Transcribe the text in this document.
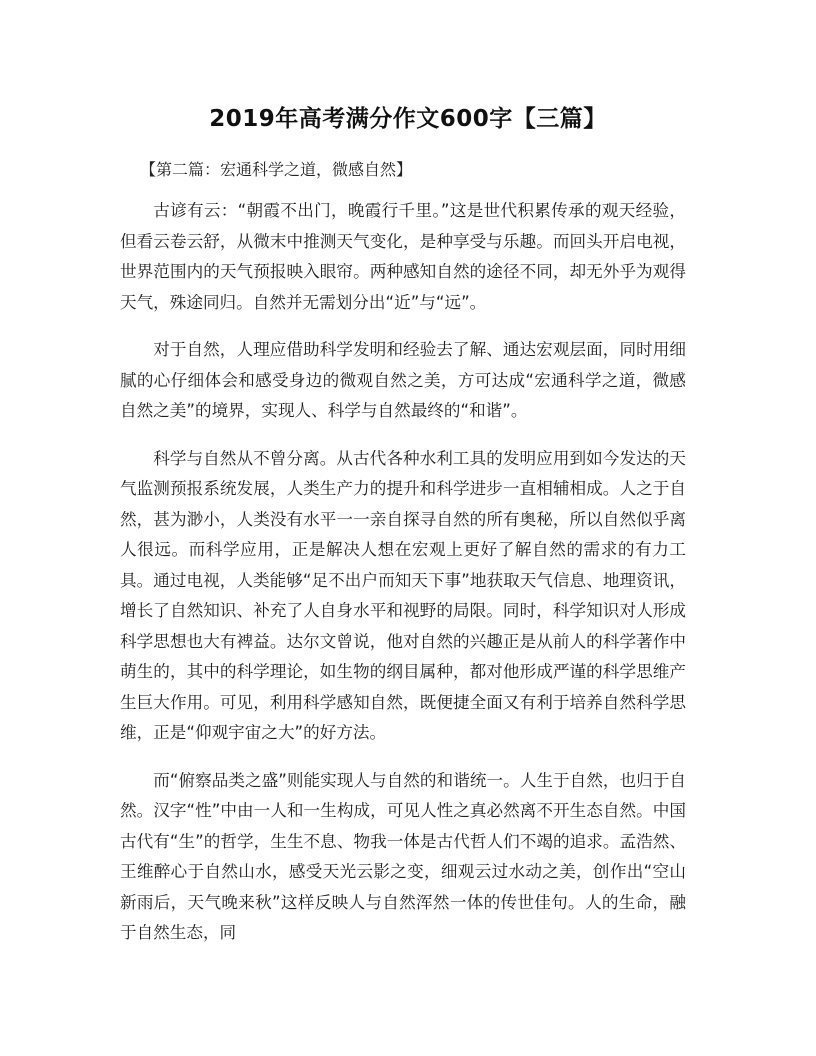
2019年高考满分作文600字【三篇】
【第二篇：宏通科学之道，微感自然】

古谚有云：“朝霞不出门，晚霞行千里。”这是世代积累传承的观天经验，但看云卷云舒，从微末中推测天气变化，是种享受与乐趣。而回头开启电视，世界范围内的天气预报映入眼帘。两种感知自然的途径不同，却无外乎为观得天气，殊途同归。自然并无需划分出“近”与“远”。

对于自然，人理应借助科学发明和经验去了解、通达宏观层面，同时用细腻的心仔细体会和感受身边的微观自然之美，方可达成“宏通科学之道，微感自然之美”的境界，实现人、科学与自然最终的“和谐”。

科学与自然从不曾分离。从古代各种水利工具的发明应用到如今发达的天气监测预报系统发展，人类生产力的提升和科学进步一直相辅相成。人之于自然，甚为渺小，人类没有水平一一亲自探寻自然的所有奥秘，所以自然似乎离人很远。而科学应用，正是解决人想在宏观上更好了解自然的需求的有力工具。通过电视，人类能够“足不出户而知天下事”地获取天气信息、地理资讯，增长了自然知识、补充了人自身水平和视野的局限。同时，科学知识对人形成科学思想也大有裨益。达尔文曾说，他对自然的兴趣正是从前人的科学著作中萌生的，其中的科学理论，如生物的纲目属种，都对他形成严谨的科学思维产生巨大作用。可见，利用科学感知自然，既便捷全面又有利于培养自然科学思维，正是“仰观宇宙之大”的好方法。

而“俯察品类之盛”则能实现人与自然的和谐统一。人生于自然，也归于自然。汉字“性”中由一人和一生构成，可见人性之真必然离不开生态自然。中国古代有“生”的哲学，生生不息、物我一体是古代哲人们不竭的追求。孟浩然、王维醉心于自然山水，感受天光云影之变，细观云过水动之美，创作出“空山新雨后，天气晚来秋”这样反映人与自然浑然一体的传世佳句。人的生命，融于自然生态，同
